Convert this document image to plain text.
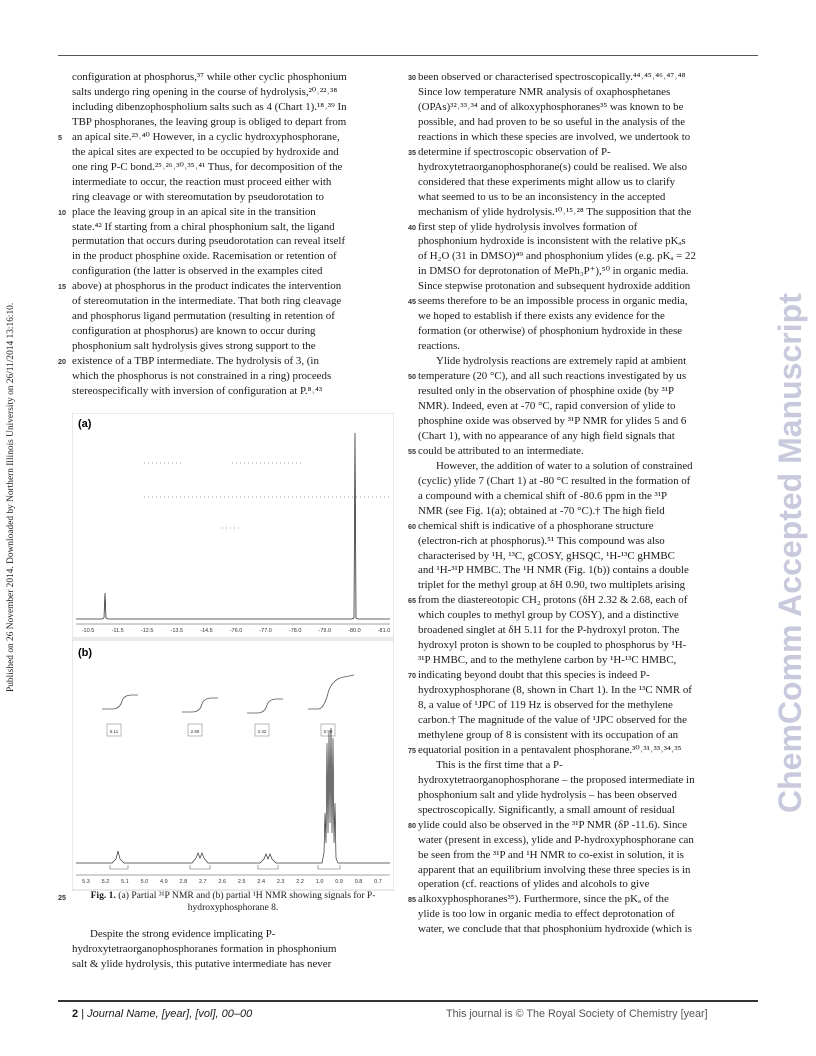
Published on 26 November 2014. Downloaded by Northern Illinois University on 26/11/2014 13:16:10.	ChemComm Accepted Manuscript
configuration at phosphorus,³⁷ while other cyclic phosphonium
salts undergo ring opening in the course of hydrolysis,²⁰˒²²˒³⁸
including dibenzophospholium salts such as 4 (Chart 1).¹⁸˒³⁹ In
TBP phosphoranes, the leaving group is obliged to depart from
an apical site.²³˒⁴⁰ However, in a cyclic hydroxyphosphorane,
the apical sites are expected to be occupied by hydroxide and
one ring P-C bond.²⁵˒²⁶˒³⁰˒³⁵˒⁴¹ Thus, for decomposition of the
intermediate to occur, the reaction must proceed either with
ring cleavage or with stereomutation by pseudorotation to
place the leaving group in an apical site in the transition
state.⁴² If starting from a chiral phosphonium salt, the ligand
permutation that occurs during pseudorotation can reveal itself
in the product phosphine oxide. Racemisation or retention of
configuration (the latter is observed in the examples cited
above) at phosphorus in the product indicates the intervention
of stereomutation in the intermediate. That both ring cleavage
and phosphorus ligand permutation (resulting in retention of
configuration at phosphorus) are known to occur during
phosphonium salt hydrolysis gives strong support to the
existence of a TBP intermediate. The hydrolysis of 3, (in
which the phosphorus is not constrained in a ring) proceeds
stereospecifically with inversion of configuration at P.⁸˒⁴³
(a)
-10.5	-11.5	-12.5	-13.5	-14.5	-76.0	-77.0	-78.0	-79.0	-80.0	-81.0
(b)
5.11	2.68	2.32	0.90
5.3 5.2 5.1 5.0 4.9 2.8 2.7 2.6 2.5 2.4 2.3 2.2 1.0 0.9 0.8 0.7
25	Fig. 1. (a) Partial ³¹P NMR and (b) partial ¹H NMR showing signals for P-hydroxyphosphorane 8.
Despite the strong evidence implicating P-
hydroxytetraorganophosphoranes formation in phosphonium
salt & ylide hydrolysis, this putative intermediate has never
been observed or characterised spectroscopically.⁴⁴˒⁴⁵˒⁴⁶˒⁴⁷˒⁴⁸
Since low temperature NMR analysis of oxaphosphetanes
(OPAs)³²˒³³˒³⁴ and of alkoxyphosphoranes³⁵ was known to be
possible, and had proven to be so useful in the analysis of the
reactions in which these species are involved, we undertook to
determine if spectroscopic observation of P-
hydroxytetraorganophosphorane(s) could be realised. We also
considered that these experiments might allow us to clarify
what seemed to us to be an inconsistency in the accepted
mechanism of ylide hydrolysis.¹⁰˒¹⁵˒²⁸ The supposition that the
first step of ylide hydrolysis involves formation of
phosphonium hydroxide is inconsistent with the relative pKₐs
of H₂O (31 in DMSO)⁴⁹ and phosphonium ylides (e.g. pKₐ = 22
in DMSO for deprotonation of MePh₃P⁺),⁵⁰ in organic media.
Since stepwise protonation and subsequent hydroxide addition
seems therefore to be an impossible process in organic media,
we hoped to establish if there exists any evidence for the
formation (or otherwise) of phosphonium hydroxide in these
reactions.
Ylide hydrolysis reactions are extremely rapid at ambient
temperature (20 °C), and all such reactions investigated by us
resulted only in the observation of phosphine oxide (by ³¹P
NMR). Indeed, even at -70 °C, rapid conversion of ylide to
phosphine oxide was observed by ³¹P NMR for ylides 5 and 6
(Chart 1), with no appearance of any high field signals that
could be attributed to an intermediate.
However, the addition of water to a solution of constrained
(cyclic) ylide 7 (Chart 1) at -80 °C resulted in the formation of
a compound with a chemical shift of -80.6 ppm in the ³¹P
NMR (see Fig. 1(a); obtained at -70 °C).† The high field
chemical shift is indicative of a phosphorane structure
(electron-rich at phosphorus).⁵¹ This compound was also
characterised by ¹H, ¹³C, gCOSY, gHSQC, ¹H-¹³C gHMBC
and ¹H-³¹P HMBC. The ¹H NMR (Fig. 1(b)) contains a double
triplet for the methyl group at δH 0.90, two multiplets arising
from the diastereotopic CH₂ protons (δH 2.32 & 2.68, each of
which couples to methyl group by COSY), and a distinctive
broadened singlet at δH 5.11 for the P-hydroxyl proton. The
hydroxyl proton is shown to be coupled to phosphorus by ¹H-
³¹P HMBC, and to the methylene carbon by ¹H-¹³C HMBC,
indicating beyond doubt that this species is indeed P-
hydroxyphosphorane (8, shown in Chart 1). In the ¹³C NMR of
8, a value of ¹JPC of 119 Hz is observed for the methylene
carbon.† The magnitude of the value of ¹JPC observed for the
methylene group of 8 is consistent with its occupation of an
equatorial position in a pentavalent phosphorane.³⁰˒³¹˒³³˒³⁴˒³⁵
This is the first time that a P-
hydroxytetraorganophosphorane – the proposed intermediate in
phosphonium salt and ylide hydrolysis – has been observed
spectroscopically. Significantly, a small amount of residual
ylide could also be observed in the ³¹P NMR (δP -11.6). Since
water (present in excess), ylide and P-hydroxyphosphorane can
be seen from the ³¹P and ¹H NMR to co-exist in solution, it is
apparent that an equilibrium involving these three species is in
operation (cf. reactions of ylides and alcohols to give
alkoxyphosphoranes³⁵). Furthermore, since the pKₐ of the
ylide is too low in organic media to effect deprotonation of
water, we conclude that that phosphonium hydroxide (which is
2 | Journal Name, [year], [vol], 00–00	This journal is © The Royal Society of Chemistry [year]
5
10
15
20
30
35
40
45
50
55
60
65
70
75
80
85
